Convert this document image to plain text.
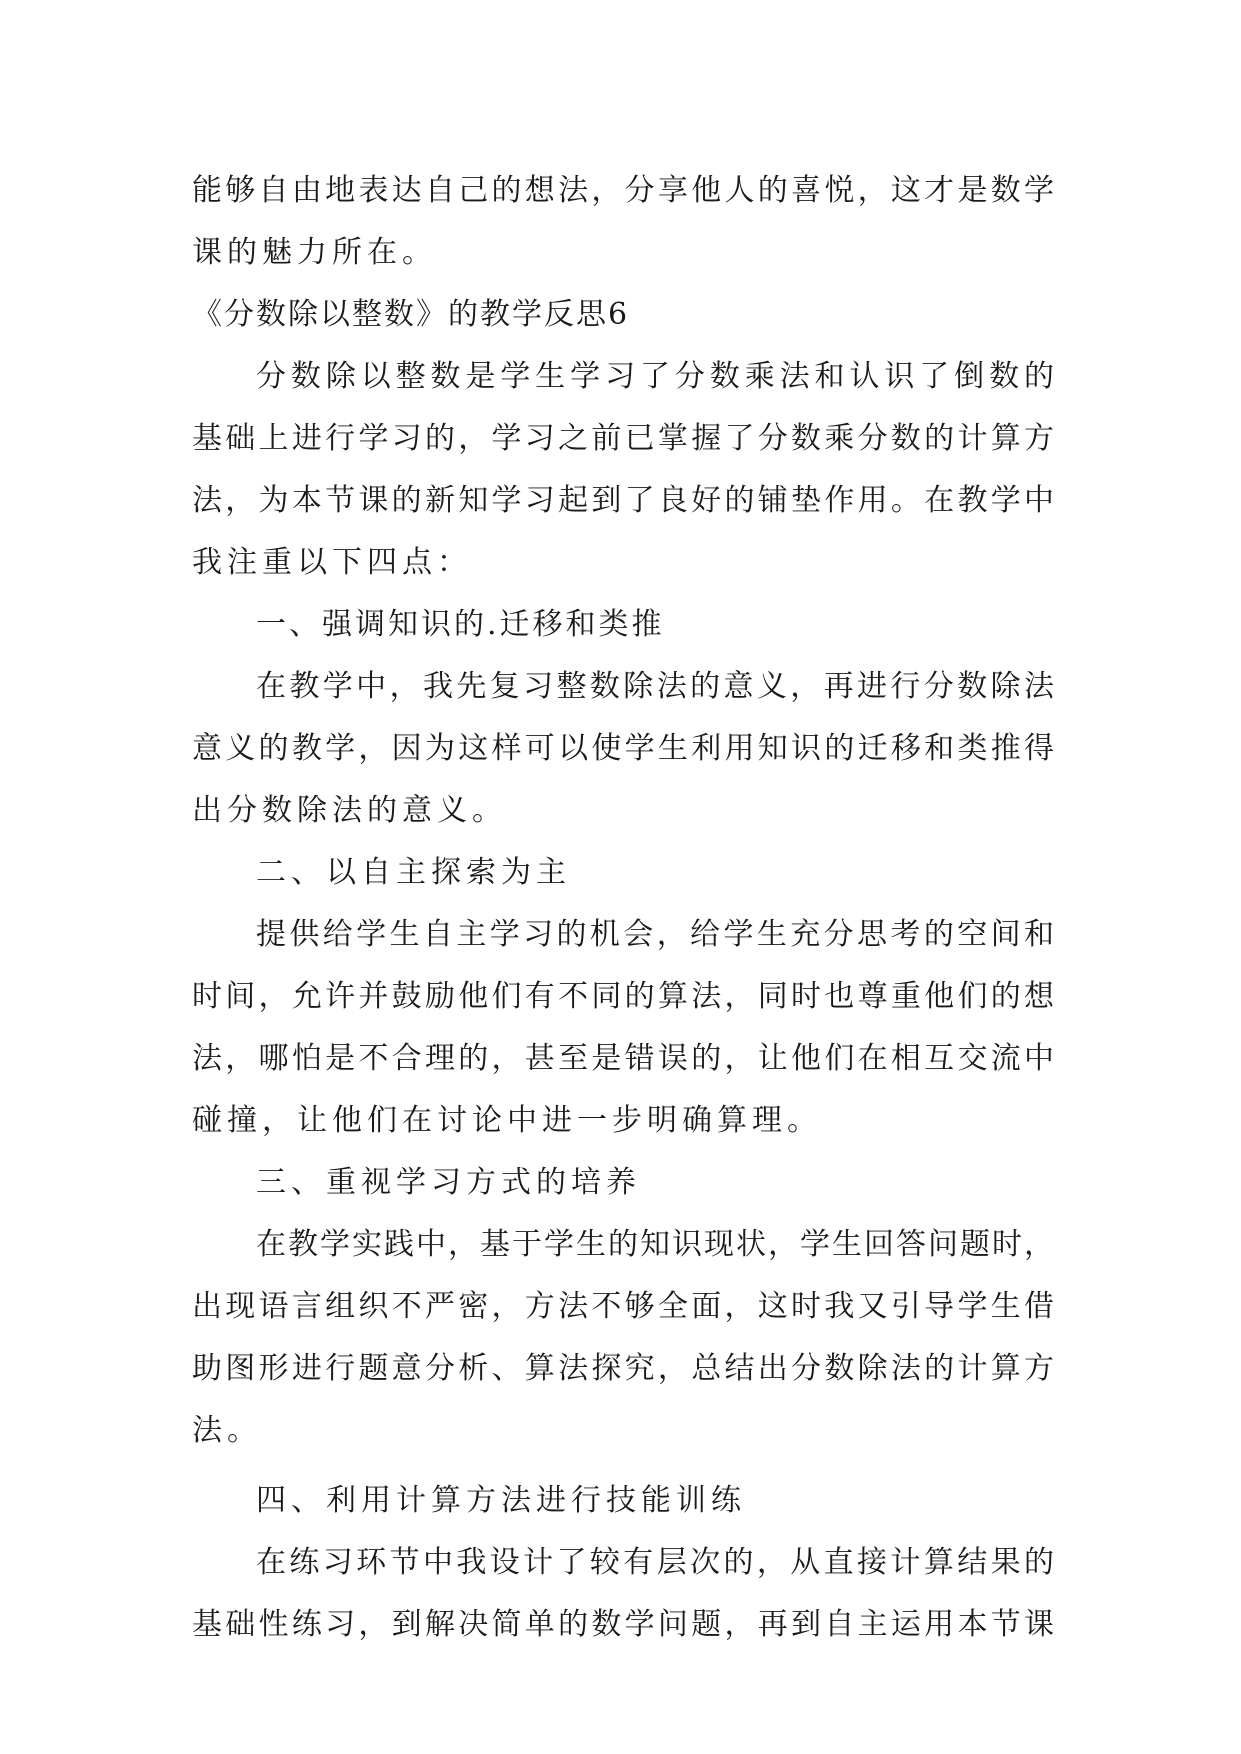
能够自由地表达自己的想法，分享他人的喜悦，这才是数学

课的魅力所在。

《分数除以整数》的教学反思6

分数除以整数是学生学习了分数乘法和认识了倒数的

基础上进行学习的，学习之前已掌握了分数乘分数的计算方

法，为本节课的新知学习起到了良好的铺垫作用。在教学中

我注重以下四点：

一、强调知识的.迁移和类推

在教学中，我先复习整数除法的意义，再进行分数除法

意义的教学，因为这样可以使学生利用知识的迁移和类推得

出分数除法的意义。

二、以自主探索为主

提供给学生自主学习的机会，给学生充分思考的空间和

时间，允许并鼓励他们有不同的算法，同时也尊重他们的想

法，哪怕是不合理的，甚至是错误的，让他们在相互交流中

碰撞，让他们在讨论中进一步明确算理。

三、重视学习方式的培养

在教学实践中，基于学生的知识现状，学生回答问题时，

出现语言组织不严密，方法不够全面，这时我又引导学生借

助图形进行题意分析、算法探究，总结出分数除法的计算方

法。

四、利用计算方法进行技能训练

在练习环节中我设计了较有层次的，从直接计算结果的

基础性练习，到解决简单的数学问题，再到自主运用本节课
